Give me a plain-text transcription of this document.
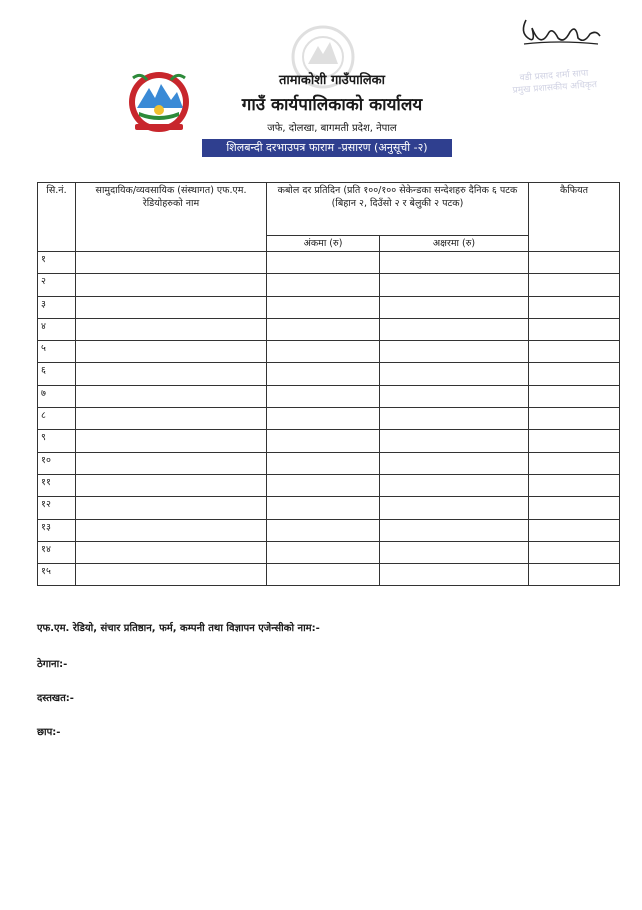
वडी प्रसाद शर्मा सापा
प्रमुख प्रशासकीय अधिकृत
तामाकोशी गाउँपालिका
गाउँ कार्यपालिकाको कार्यालय
जफे, दोलखा, बागमती प्रदेश, नेपाल
शिलबन्दी दरभाउपत्र फाराम -प्रसारण (अनुसूची -२)
सि.नं.	सामुदायिक/व्यवसायिक (संस्थागत) एफ.एम. रेडियोहरुको नाम	कबोल दर प्रतिदिन (प्रति १००/१०० सेकेन्डका सन्देशहरु दैनिक ६ पटक (बिहान २, दिउँसो २ र बेलुकी २ पटक)		कैफियत
		अंकमा (रु)	अक्षरमा (रु)	
१				
२				
३				
४				
५				
६				
७				
८				
९				
१०				
११				
१२				
१३				
१४				
१५				
एफ.एम. रेडियो, संचार प्रतिष्ठान, फर्म, कम्पनी तथा विज्ञापन एजेन्सीको नाम:-
ठेगाना:-
दस्तखत:-
छाप:-
